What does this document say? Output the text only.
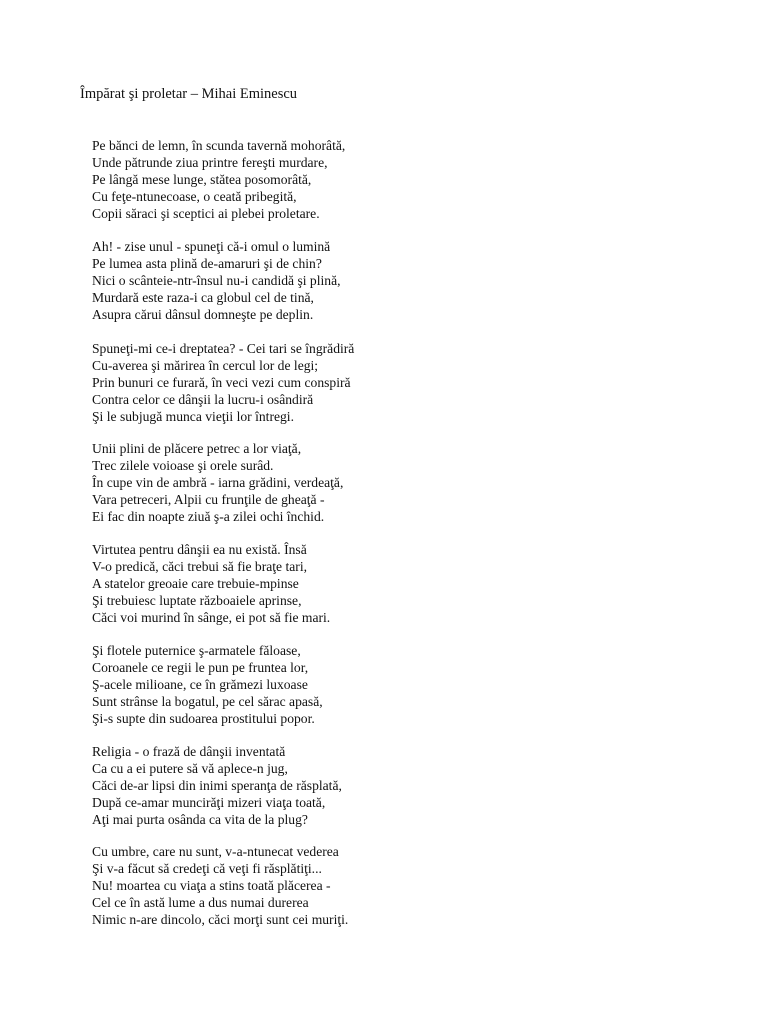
Împărat şi proletar – Mihai Eminescu
Pe bănci de lemn, în scunda tavernă mohorâtă,
Unde pătrunde ziua printre fereşti murdare,
Pe lângă mese lunge, stătea posomorâtă,
Cu feţe-ntunecoase, o ceată pribegită,
Copii săraci şi sceptici ai plebei proletare.
Ah! - zise unul - spuneţi că-i omul o lumină
Pe lumea asta plină de-amaruri şi de chin?
Nici o scânteie-ntr-însul nu-i candidă şi plină,
Murdară este raza-i ca globul cel de tină,
Asupra cărui dânsul domneşte pe deplin.
Spuneţi-mi ce-i dreptatea? - Cei tari se îngrădiră
Cu-averea şi mărirea în cercul lor de legi;
Prin bunuri ce furară, în veci vezi cum conspiră
Contra celor ce dânşii la lucru-i osândiră
Şi le subjugă munca vieţii lor întregi.
Unii plini de plăcere petrec a lor viaţă,
Trec zilele voioase şi orele surâd.
În cupe vin de ambră - iarna grădini, verdeaţă,
Vara petreceri, Alpii cu frunţile de gheaţă -
Ei fac din noapte ziuă ş-a zilei ochi închid.
Virtutea pentru dânşii ea nu există. Însă
V-o predică, căci trebui să fie braţe tari,
A statelor greoaie care trebuie-mpinse
Şi trebuiesc luptate războaiele aprinse,
Căci voi murind în sânge, ei pot să fie mari.
Şi flotele puternice ş-armatele făloase,
Coroanele ce regii le pun pe fruntea lor,
Ş-acele milioane, ce în grămezi luxoase
Sunt strânse la bogatul, pe cel sărac apasă,
Şi-s supte din sudoarea prostitului popor.
Religia - o frază de dânşii inventată
Ca cu a ei putere să vă aplece-n jug,
Căci de-ar lipsi din inimi speranţa de răsplată,
După ce-amar muncirăţi mizeri viaţa toată,
Aţi mai purta osânda ca vita de la plug?
Cu umbre, care nu sunt, v-a-ntunecat vederea
Şi v-a făcut să credeţi că veţi fi răsplătiţi...
Nu! moartea cu viaţa a stins toată plăcerea -
Cel ce în astă lume a dus numai durerea
Nimic n-are dincolo, căci morţi sunt cei muriţi.
